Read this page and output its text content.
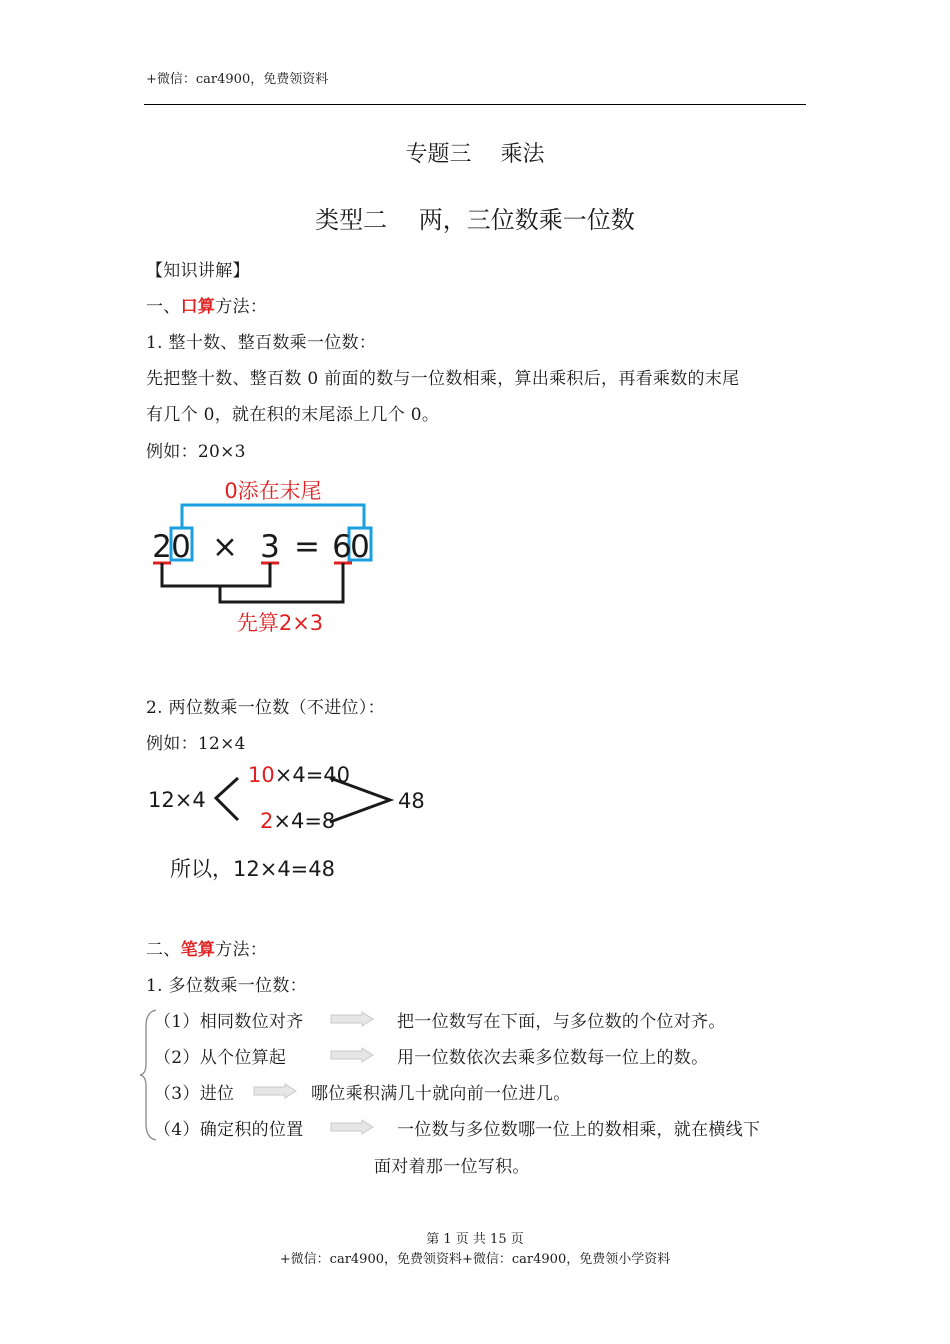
+微信：car4900，免费领资料
专题三　 乘法
类型二　 两，三位数乘一位数
【知识讲解】
一、口算方法：
1. 整十数、整百数乘一位数：
先把整十数、整百数 0 前面的数与一位数相乘，算出乘积后，再看乘数的末尾
有几个 0，就在积的末尾添上几个 0。
例如：20×3
0添在末尾
2 0 × 3 = 6
0
先算2×3
2. 两位数乘一位数（不进位）：
例如：12×4
12×4
10×4=40
2×4=8
48
所以，12×4=48
二、笔算方法：
1. 多位数乘一位数：
（1）相同数位对齐	把一位数写在下面，与多位数的个位对齐。
（2）从个位算起	用一位数依次去乘多位数每一位上的数。
（3）进位	哪位乘积满几十就向前一位进几。
（4）确定积的位置	一位数与多位数哪一位上的数相乘，就在横线下
面对着那一位写积。
第 1 页 共 15 页
+微信：car4900，免费领资料+微信：car4900，免费领小学资料
